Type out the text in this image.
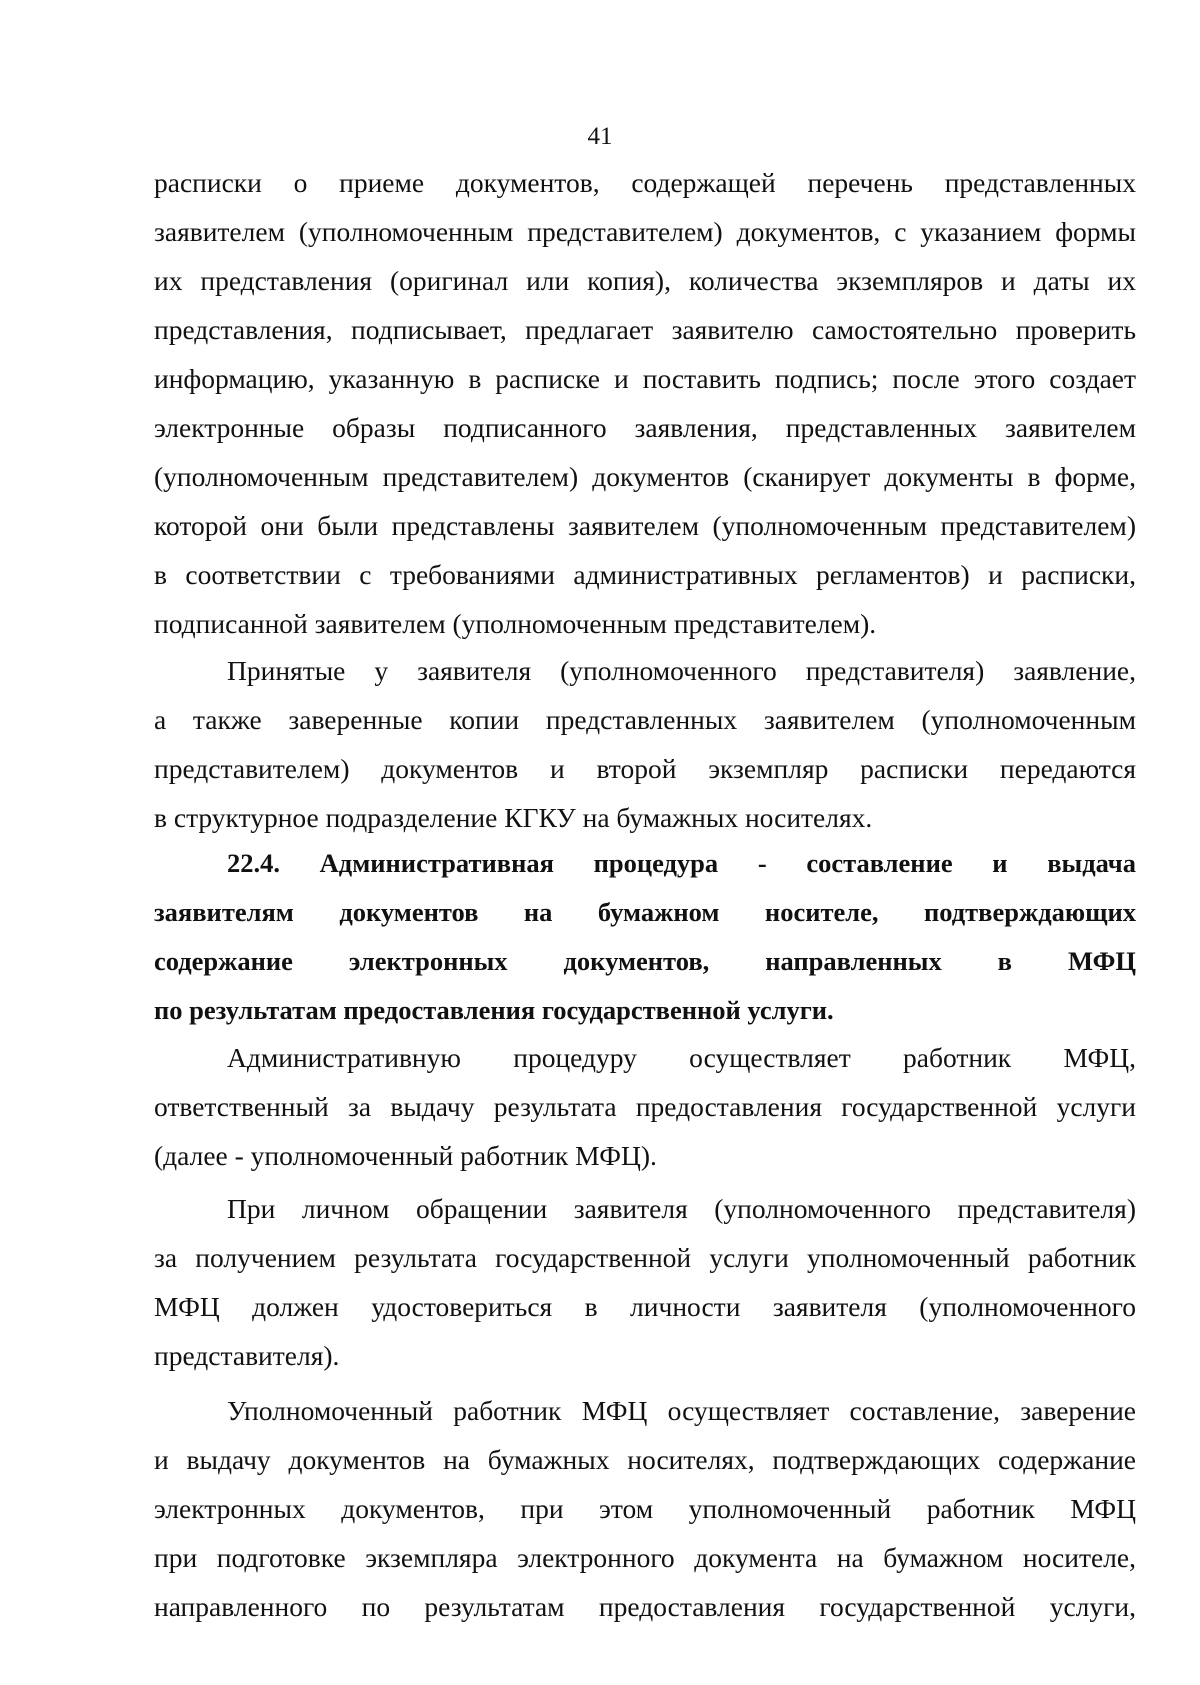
41
расписки о приеме документов, содержащей перечень представленных
заявителем (уполномоченным представителем) документов, с указанием формы
их представления (оригинал или копия), количества экземпляров и даты их
представления, подписывает, предлагает заявителю самостоятельно проверить
информацию, указанную в расписке и поставить подпись; после этого создает
электронные образы подписанного заявления, представленных заявителем
(уполномоченным представителем) документов (сканирует документы в форме,
которой они были представлены заявителем (уполномоченным представителем)
в соответствии с требованиями административных регламентов) и расписки,
подписанной заявителем (уполномоченным представителем).
Принятые у заявителя (уполномоченного представителя) заявление,
а также заверенные копии представленных заявителем (уполномоченным
представителем) документов и второй экземпляр расписки передаются
в структурное подразделение КГКУ на бумажных носителях.
22.4. Административная процедура - составление и выдача
заявителям документов на бумажном носителе, подтверждающих
содержание электронных документов, направленных в МФЦ
по результатам предоставления государственной услуги.
Административную процедуру осуществляет работник МФЦ,
ответственный за выдачу результата предоставления государственной услуги
(далее - уполномоченный работник МФЦ).
При личном обращении заявителя (уполномоченного представителя)
за получением результата государственной услуги уполномоченный работник
МФЦ должен удостовериться в личности заявителя (уполномоченного
представителя).
Уполномоченный работник МФЦ осуществляет составление, заверение
и выдачу документов на бумажных носителях, подтверждающих содержание
электронных документов, при этом уполномоченный работник МФЦ
при подготовке экземпляра электронного документа на бумажном носителе,
направленного по результатам предоставления государственной услуги,
